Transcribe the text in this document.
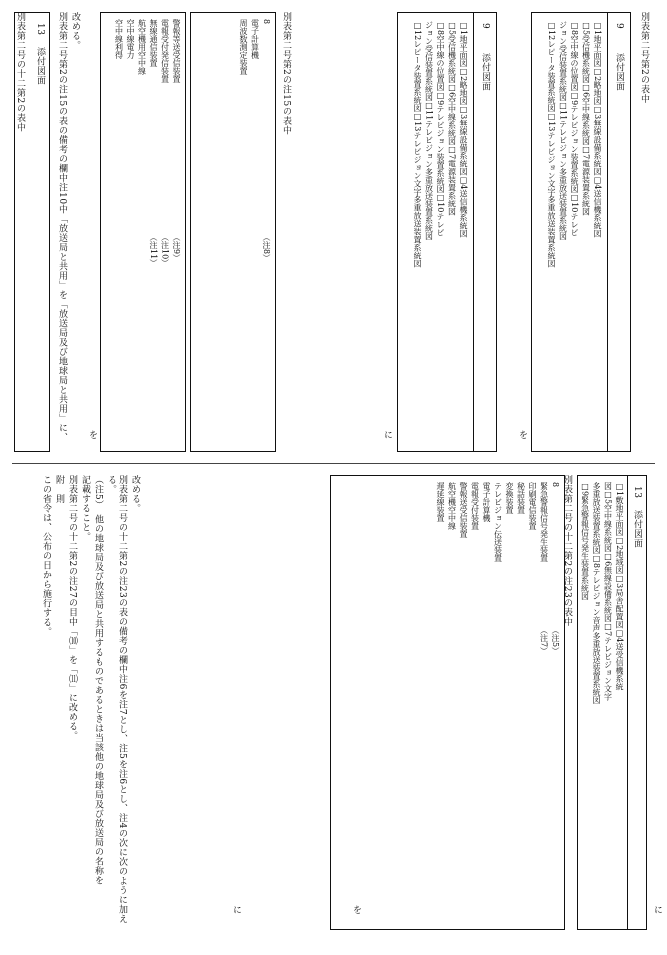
別表第二号第2の表中
9
添付図面
□1地平面図□2略地図□3無線設備系統図□4送信機系統図
□5受信機系統図□6空中線系統図□7電源装置系統図
□8空中線の位置図□9テレビジョン装置系統図□10テレビ
ジョン受信装置系統図□11テレビジョン多重放送装置系統図
□12レピータ装置系統図□13テレビジョン文字多重放送装置系統図
を
9
添付図面
□1地平面図□2略地図□3無線設備系統図□4送信機系統図
□5受信機系統図□6空中線系統図□7電源装置系統図
□8空中線の位置図□9テレビジョン装置系統図□10テレビ
ジョン受信装置系統図□11テレビジョン多重放送装置系統図
□12レピータ装置系統図□13テレビジョン文字多重放送装置系統図
に
別表第二号第2の注15の表中
8
電子計算機
周波数測定装置
（注8）
警報等送受信装置
電報受付発信装置
無線通信装置
航空機用空中線
空中線電力
空中線利得
（注9）
（注10）
（注11）
を
改める。
別表第二号第2の注15の表の備考の欄中注10中「放送局と共用」を「放送局及び地球局と共用」に、
別表第二号の十二第2の表中 13
添付図面
別表第二号の十二第2の注23の表中	13
添付図面
□1敷地平面図□2地域図□3局舎配置図□4送受信機系統
図□5空中線系統図□6無線設備系統図□7テレビジョン文字
多重放送装置系統図□8テレビジョン音声多重放送装置系統図
□9緊急警報信号発生装置系統図
に
8
緊急警報信号発生装置
印刷電信装置
秘話装置
変換装置
テレビジョン伝送装置
電子計算機
電報受付装置
警報送受信装置
航空機空中線
遅延線装置
（注5）
（注7）
を
改める。
別表第二号の十二第2の注23の表の備考の欄中注6を注7とし、注5を注6とし、注4の次に次のように加える。
（注5）　他の地球局及び放送局と共用するものであるときは当該他の地球局及び放送局の名称を
記載すること。
別表第二号の十二第2の注27の目中「⑽」を「⑾」に改める。
附　則
この省令は、公布の日から施行する。
に
